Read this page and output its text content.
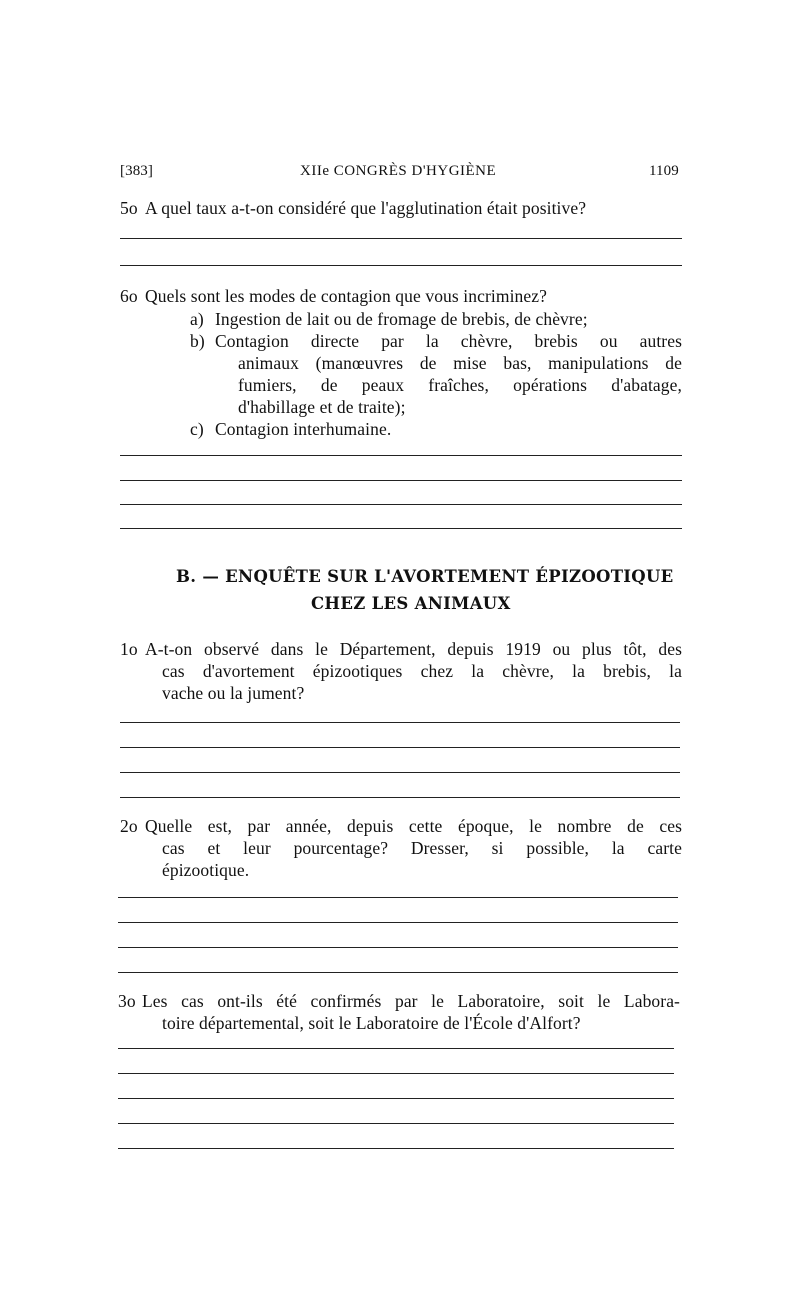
[383]	XIIe CONGRÈS D'HYGIÈNE	1109
5o A quel taux a-t-on considéré que l'agglutination était positive?
6o Quels sont les modes de contagion que vous incriminez?
a) Ingestion de lait ou de fromage de brebis, de chèvre;
b) Contagion directe par la chèvre, brebis ou autres
animaux (manœuvres de mise bas, manipulations de
fumiers, de peaux fraîches, opérations d'abatage,
d'habillage et de traite);
c) Contagion interhumaine.
B. — ENQUÊTE SUR L'AVORTEMENT ÉPIZOOTIQUE
CHEZ LES ANIMAUX
1o A-t-on observé dans le Département, depuis 1919 ou plus tôt, des
cas d'avortement épizootiques chez la chèvre, la brebis, la
vache ou la jument?
2o Quelle est, par année, depuis cette époque, le nombre de ces
cas et leur pourcentage? Dresser, si possible, la carte
épizootique.
3o Les cas ont-ils été confirmés par le Laboratoire, soit le Labora-
toire départemental, soit le Laboratoire de l'École d'Alfort?
